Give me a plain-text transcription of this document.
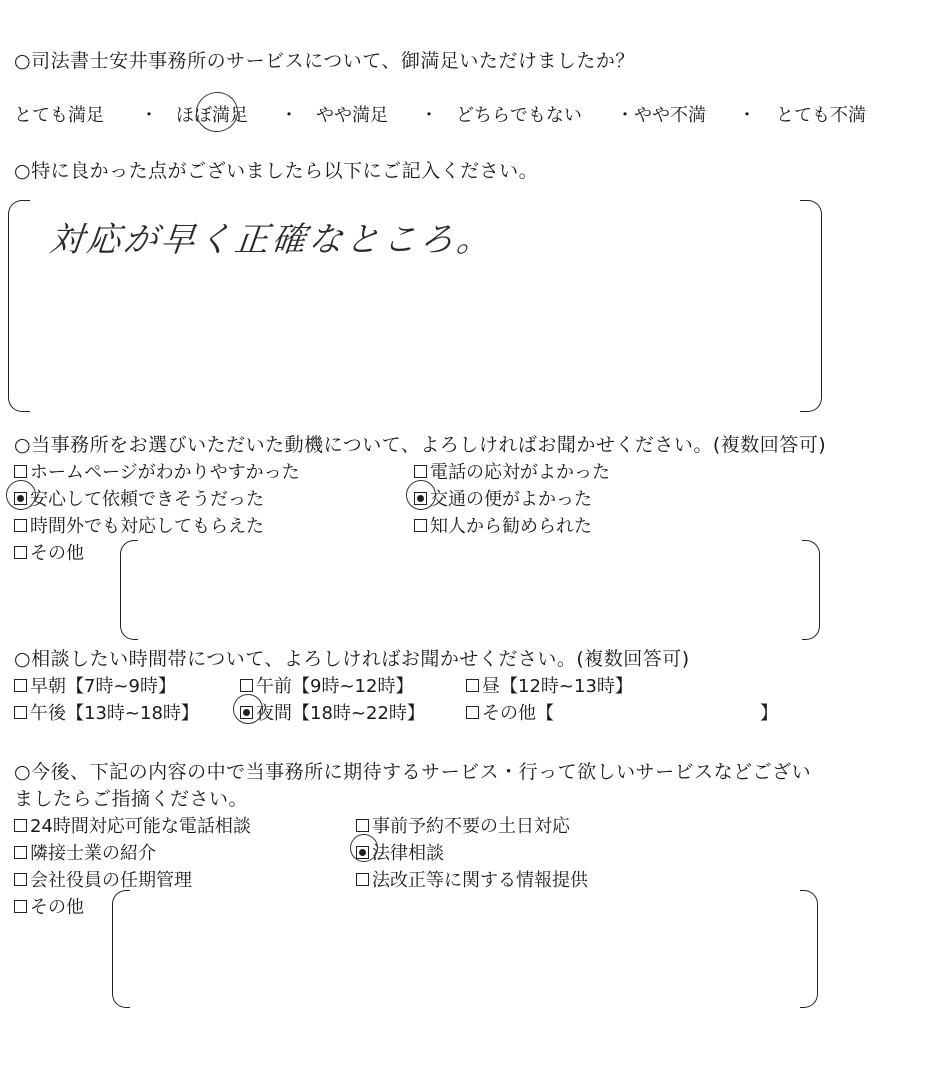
○司法書士安井事務所のサービスについて、御満足いただけましたか？
とても満足 ・ ほぼ満足 ・ やや満足 ・ どちらでもない ・やや不満 ・ とても不満
○特に良かった点がございましたら以下にご記入ください。
対応が早く正確なところ。
○当事務所をお選びいただいた動機について、よろしければお聞かせください。(複数回答可)
ホームページがわかりやすかった	電話の応対がよかった
安心して依頼できそうだった	交通の便がよかった
時間外でも対応してもらえた	知人から勧められた
その他
○相談したい時間帯について、よろしければお聞かせください。(複数回答可)
早朝【7時~9時】	午前【9時~12時】	昼【12時~13時】
午後【13時~18時】	夜間【18時~22時】	その他【	】
○今後、下記の内容の中で当事務所に期待するサービス・行って欲しいサービスなどござい
ましたらご指摘ください。
24時間対応可能な電話相談	事前予約不要の土日対応
隣接士業の紹介	法律相談
会社役員の任期管理	法改正等に関する情報提供
その他
